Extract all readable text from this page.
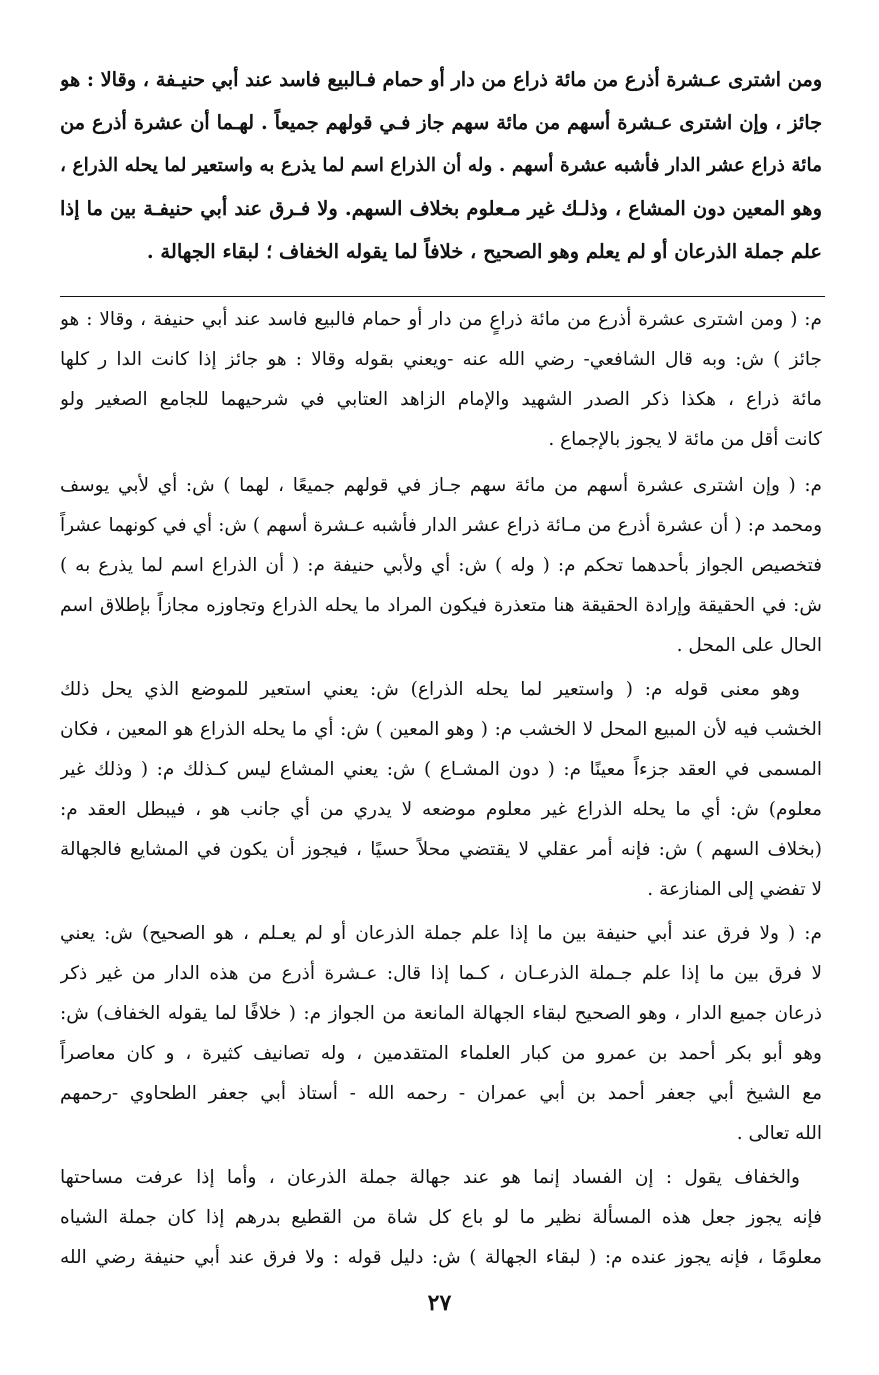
ومن اشترى عـشرة أذرع من مائة ذراع من دار أو حمام فـالبيع فاسد عند أبي حنيـفة ، وقالا : هو
جائز ، وإن اشترى عـشرة أسهم من مائة سهم جاز فـي قولهم جميعاً . لهـما أن عشرة أذرع من
مائة ذراع عشر الدار فأشبه عشرة أسهم . وله أن الذراع اسم لما يذرع به واستعير لما يحله الذراع ،
وهو المعين دون المشاع ، وذلـك غير مـعلوم بخلاف السهم. ولا فـرق عند أبي حنيفـة بين ما إذا
علم جملة الذرعان أو لم يعلم وهو الصحيح ، خلافاً لما يقوله الخفاف ؛ لبقاء الجهالة .
م: ( ومن اشترى عشرة أذرع من مائة ذراعٍ من دار أو حمام فالبيع فاسد عند أبي حنيفة ، وقالا : هو
جائز ) ش: وبه قال الشافعي- رضي الله عنه -ويعني بقوله وقالا : هو جائز إذا كانت الدا ر كلها
مائة ذراع ، هكذا ذكر الصدر الشهيد والإمام الزاهد العتابي في شرحيهما للجامع الصغير ولو
كانت أقل من مائة لا يجوز بالإجماع .
م: ( وإن اشترى عشرة أسهم من مائة سهم جـاز في قولهم جميعًا ، لهما ) ش: أي لأبي يوسف
ومحمد م: ( أن عشرة أذرع من مـائة ذراع عشر الدار فأشبه عـشرة أسهم ) ش: أي في كونهما عشراً
فتخصيص الجواز بأحدهما تحكم م: ( وله ) ش: أي ولأبي حنيفة م: ( أن الذراع اسم لما يذرع به )
ش: في الحقيقة وإرادة الحقيقة هنا متعذرة فيكون المراد ما يحله الذراع وتجاوزه مجازاً بإطلاق اسم
الحال على المحل .
وهو معنى قوله م: ( واستعير لما يحله الذراع) ش: يعني استعير للموضع الذي يحل ذلك
الخشب فيه لأن المبيع المحل لا الخشب م: ( وهو المعين ) ش: أي ما يحله الذراع هو المعين ، فكان
المسمى في العقد جزءاً معينًا م: ( دون المشـاع ) ش: يعني المشاع ليس كـذلك م: ( وذلك غير
معلوم) ش: أي ما يحله الذراع غير معلوم موضعه لا يدري من أي جانب هو ، فيبطل العقد م:
(بخلاف السهم ) ش: فإنه أمر عقلي لا يقتضي محلاً حسيًا ، فيجوز أن يكون في المشايع فالجهالة
لا تفضي إلى المنازعة .
م: ( ولا فرق عند أبي حنيفة بين ما إذا علم جملة الذرعان أو لم يعـلم ، هو الصحيح) ش: يعني
لا فرق بين ما إذا علم جـملة الذرعـان ، كـما إذا قال: عـشرة أذرع من هذه الدار من غير ذكر
ذرعان جميع الدار ، وهو الصحيح لبقاء الجهالة المانعة من الجواز م: ( خلافًا لما يقوله الخفاف) ش:
وهو أبو بكر أحمد بن عمرو من كبار العلماء المتقدمين ، وله تصانيف كثيرة ، و كان معاصراً
مع الشيخ أبي جعفر أحمد بن أبي عمران - رحمه الله - أستاذ أبي جعفر الطحاوي -رحمهم
الله تعالى .
والخفاف يقول : إن الفساد إنما هو عند جهالة جملة الذرعان ، وأما إذا عرفت مساحتها
فإنه يجوز جعل هذه المسألة نظير ما لو باع كل شاة من القطيع بدرهم إذا كان جملة الشياه
معلومًا ، فإنه يجوز عنده م: ( لبقاء الجهالة ) ش: دليل قوله : ولا فرق عند أبي حنيفة رضي الله
٢٧
